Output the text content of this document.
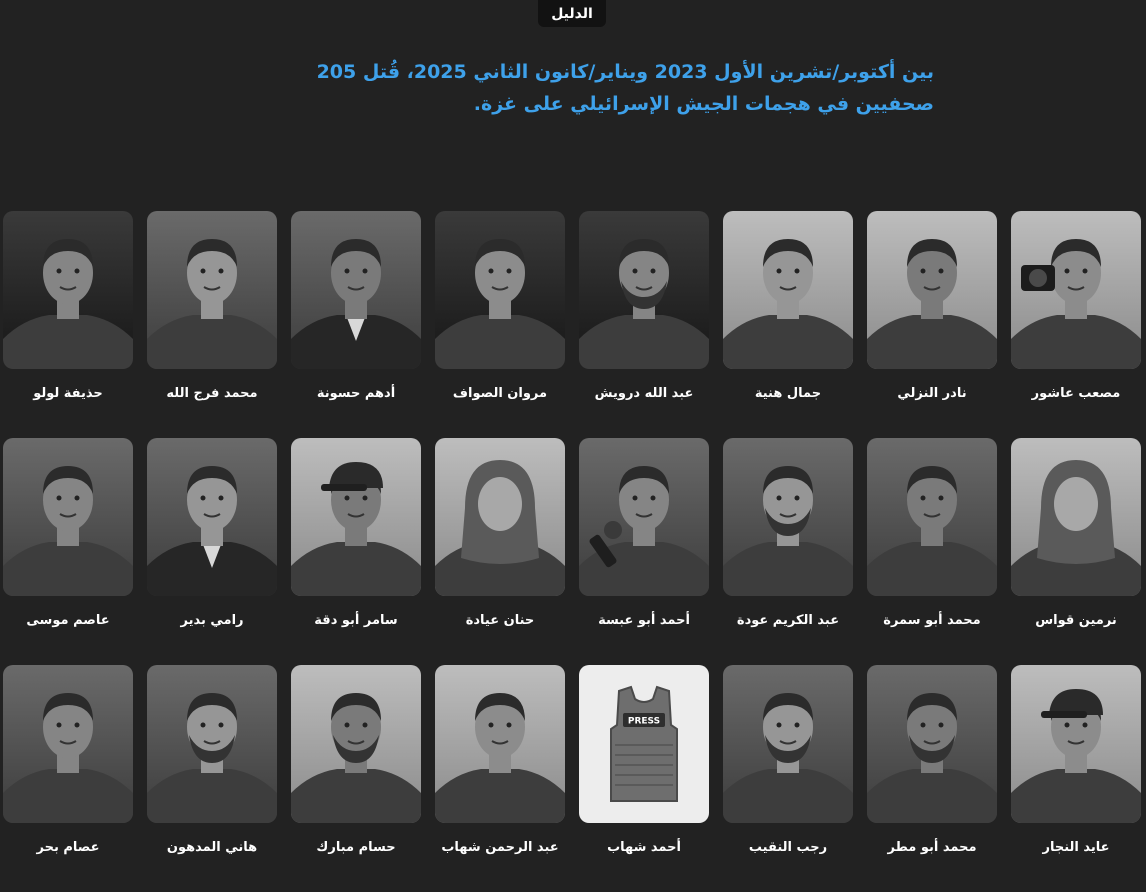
الدليل

بين أكتوبر/تشرين الأول 2023 ويناير/كانون الثاني 2025، قُتل 205 صحفيين في هجمات الجيش الإسرائيلي على غزة.

مصعب عاشور
نادر النزلي
جمال هنية
عبد الله درويش
مروان الصواف
أدهم حسونة
محمد فرج الله
حذيفة لولو
نرمين قواس
محمد أبو سمرة
عبد الكريم عودة
أحمد أبو عبسة
حنان عيادة
سامر أبو دقة
رامي بدير
عاصم موسى
عايد النجار
محمد أبو مطر
رجب النقيب
PRESS
أحمد شهاب
عبد الرحمن شهاب
حسام مبارك
هاني المدهون
عصام بحر
